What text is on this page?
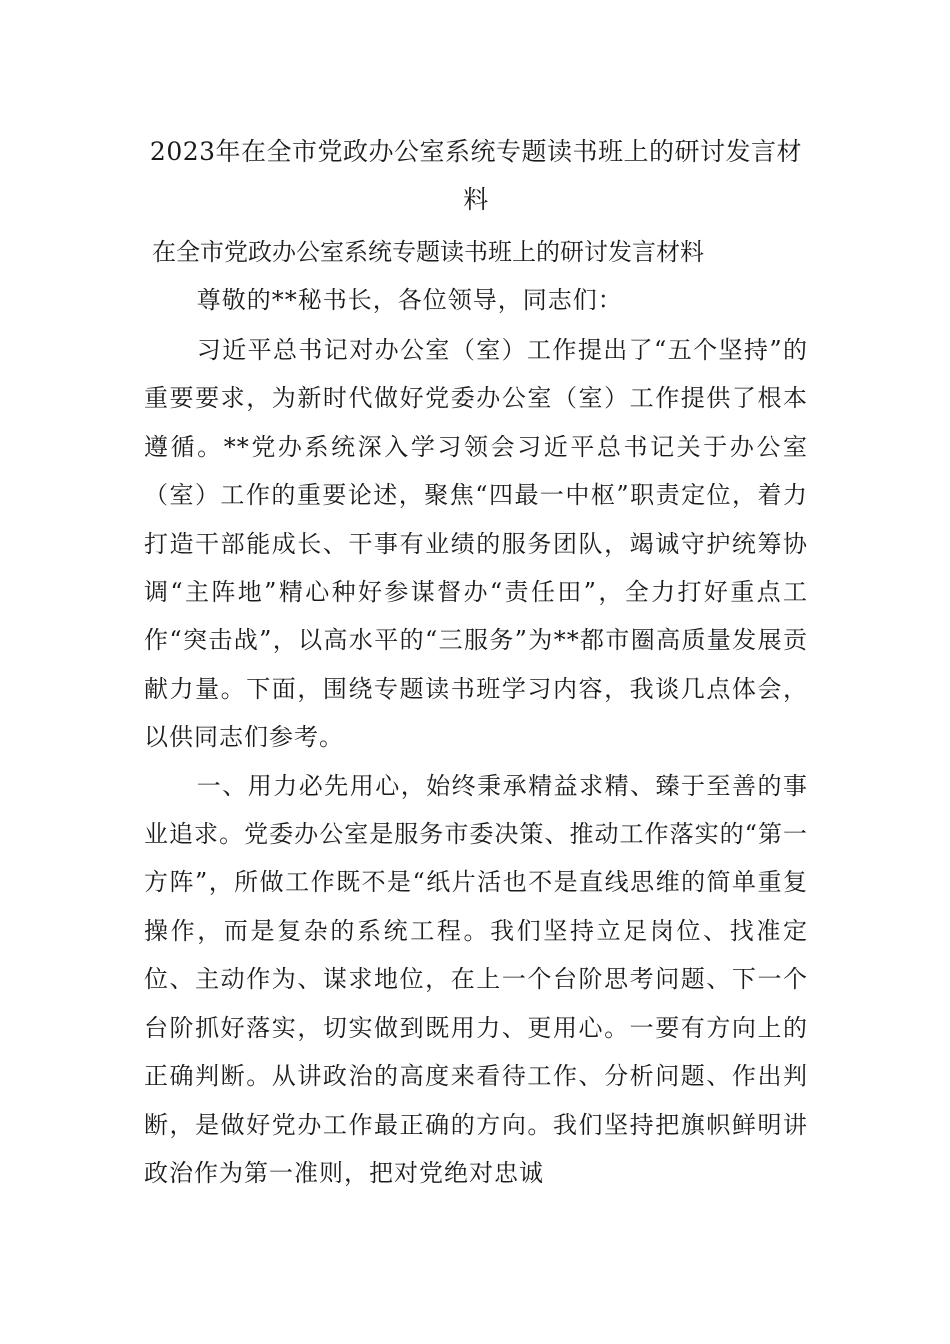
2023年在全市党政办公室系统专题读书班上的研讨发言材料
在全市党政办公室系统专题读书班上的研讨发言材料

尊敬的**秘书长，各位领导，同志们：

习近平总书记对办公室（室）工作提出了“五个坚持”的重要要求，为新时代做好党委办公室（室）工作提供了根本遵循。**党办系统深入学习领会习近平总书记关于办公室（室）工作的重要论述，聚焦“四最一中枢”职责定位，着力打造干部能成长、干事有业绩的服务团队，竭诚守护统筹协调“主阵地”精心种好参谋督办“责任田”，全力打好重点工作“突击战”，以高水平的“三服务”为**都市圈高质量发展贡献力量。下面，围绕专题读书班学习内容，我谈几点体会，以供同志们参考。

一、用力必先用心，始终秉承精益求精、臻于至善的事业追求。党委办公室是服务市委决策、推动工作落实的“第一方阵”，所做工作既不是“纸片活也不是直线思维的简单重复操作，而是复杂的系统工程。我们坚持立足岗位、找准定位、主动作为、谋求地位，在上一个台阶思考问题、下一个台阶抓好落实，切实做到既用力、更用心。一要有方向上的正确判断。从讲政治的高度来看待工作、分析问题、作出判断，是做好党办工作最正确的方向。我们坚持把旗帜鲜明讲政治作为第一准则，把对党绝对忠诚
